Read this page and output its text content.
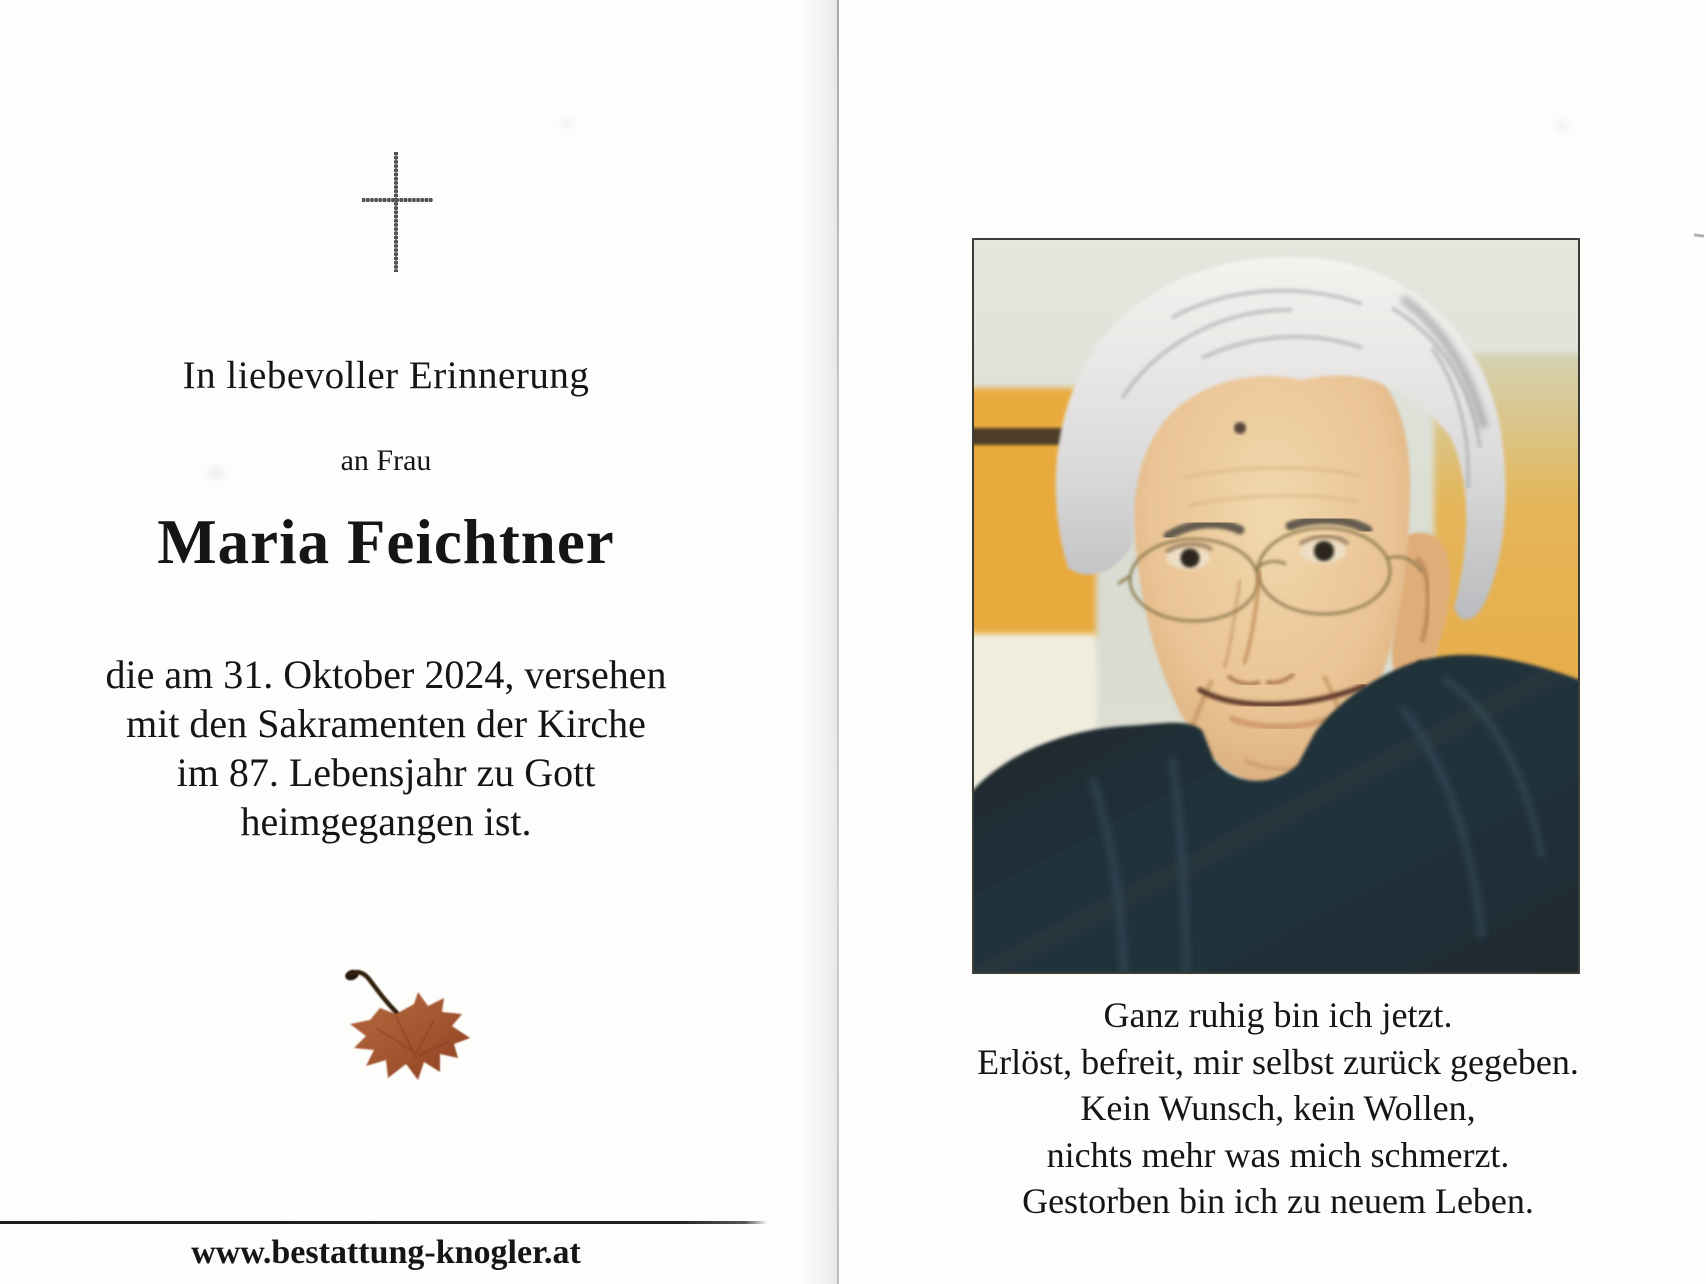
In liebevoller Erinnerung
an Frau
Maria Feichtner
die am 31. Oktober 2024, versehen
mit den Sakramenten der Kirche
im 87. Lebensjahr zu Gott
heimgegangen ist.
www.bestattung-knogler.at
Ganz ruhig bin ich jetzt.
Erlöst, befreit, mir selbst zurück gegeben.
Kein Wunsch, kein Wollen,
nichts mehr was mich schmerzt.
Gestorben bin ich zu neuem Leben.
